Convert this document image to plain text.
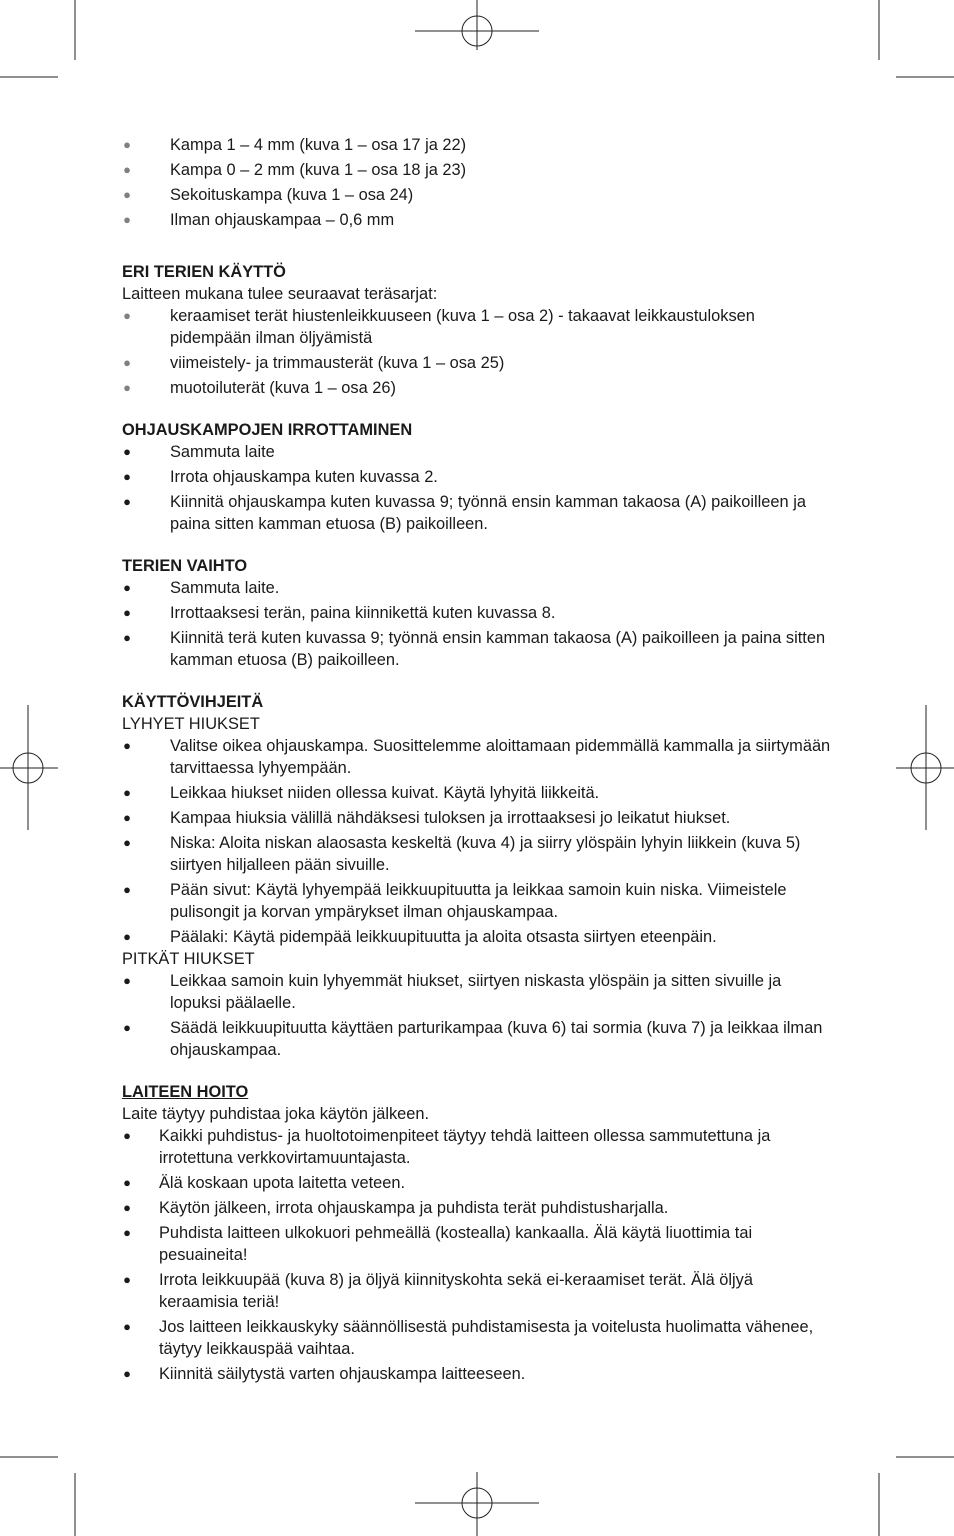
● Kampa 1 – 4 mm (kuva 1 – osa 17 ja 22)
● Kampa 0 – 2 mm (kuva 1 – osa 18 ja 23)
● Sekoituskampa (kuva 1 – osa 24)
● Ilman ohjauskampaa – 0,6 mm
ERI TERIEN KÄYTTÖ

Laitteen mukana tulee seuraavat teräsarjat:

● keraamiset terät hiustenleikkuuseen (kuva 1 – osa 2) - takaavat leikkaustuloksen pidempään ilman öljyämistä
● viimeistely- ja trimmausterät (kuva 1 – osa 25)
● muotoiluterät (kuva 1 – osa 26)
OHJAUSKAMPOJEN IRROTTAMINEN
● Sammuta laite
● Irrota ohjauskampa kuten kuvassa 2.
● Kiinnitä ohjauskampa kuten kuvassa 9; työnnä ensin kamman takaosa (A) paikoilleen ja paina sitten kamman etuosa (B) paikoilleen.
TERIEN VAIHTO
● Sammuta laite.
● Irrottaaksesi terän, paina kiinnikettä kuten kuvassa 8.
● Kiinnitä terä kuten kuvassa 9; työnnä ensin kamman takaosa (A) paikoilleen ja paina sitten kamman etuosa (B) paikoilleen.
KÄYTTÖVIHJEITÄ

LYHYET HIUKSET

● Valitse oikea ohjauskampa. Suosittelemme aloittamaan pidemmällä kammalla ja siirtymään tarvittaessa lyhyempään.
● Leikkaa hiukset niiden ollessa kuivat. Käytä lyhyitä liikkeitä.
● Kampaa hiuksia välillä nähdäksesi tuloksen ja irrottaaksesi jo leikatut hiukset.
● Niska: Aloita niskan alaosasta keskeltä (kuva 4) ja siirry ylöspäin lyhyin liikkein (kuva 5) siirtyen hiljalleen pään sivuille.
● Pään sivut: Käytä lyhyempää leikkuupituutta ja leikkaa samoin kuin niska. Viimeistele pulisongit ja korvan ympärykset ilman ohjauskampaa.
● Päälaki: Käytä pidempää leikkuupituutta ja aloita otsasta siirtyen eteenpäin.

PITKÄT HIUKSET

● Leikkaa samoin kuin lyhyemmät hiukset, siirtyen niskasta ylöspäin ja sitten sivuille ja lopuksi päälaelle.
● Säädä leikkuupituutta käyttäen parturikampaa (kuva 6) tai sormia (kuva 7) ja leikkaa ilman ohjauskampaa.
LAITEEN HOITO

Laite täytyy puhdistaa joka käytön jälkeen.

● Kaikki puhdistus- ja huoltotoimenpiteet täytyy tehdä laitteen ollessa sammutettuna ja irrotettuna verkkovirtamuuntajasta.
● Älä koskaan upota laitetta veteen.
● Käytön jälkeen, irrota ohjauskampa ja puhdista terät puhdistusharjalla.
● Puhdista laitteen ulkokuori pehmeällä (kostealla) kankaalla. Älä käytä liuottimia tai pesuaineita!
● Irrota leikkuupää (kuva 8) ja öljyä kiinnityskohta sekä ei-keraamiset terät. Älä öljyä keraamisia teriä!
● Jos laitteen leikkauskyky säännöllisestä puhdistamisesta ja voitelusta huolimatta vähenee, täytyy leikkauspää vaihtaa.
● Kiinnitä säilytystä varten ohjauskampa laitteeseen.
